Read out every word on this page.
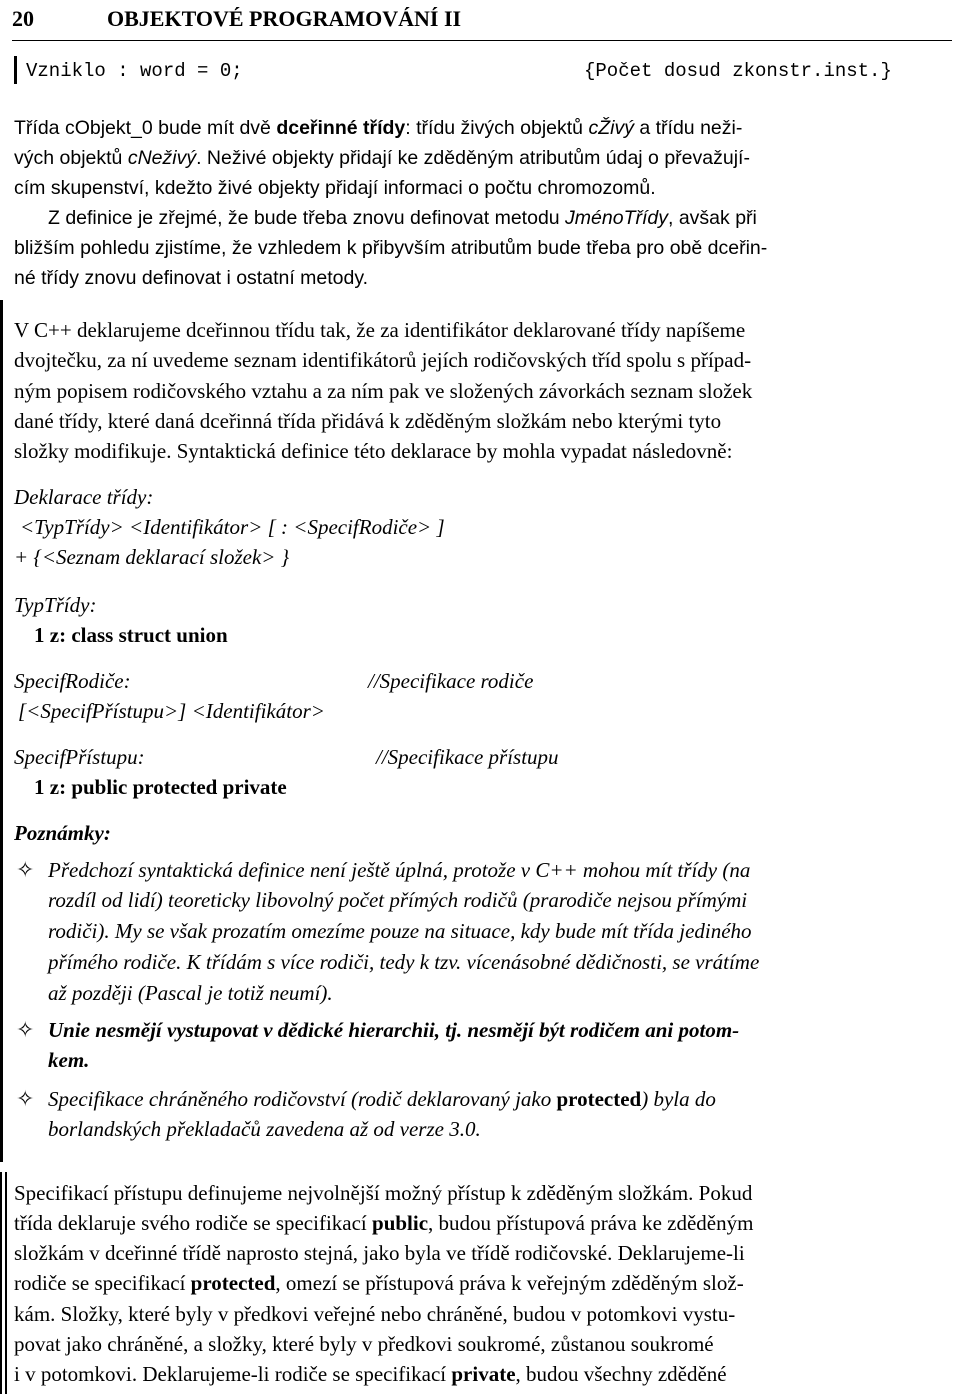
20	OBJEKTOVÉ PROGRAMOVÁNÍ II
Vzniklo : word = 0;	{Počet dosud zkonstr.inst.}
Třída cObjekt_0 bude mít dvě dceřinné třídy: třídu živých objektů cŽivý a třídu neži-
vých objektů cNeživý. Neživé objekty přidají ke zděděným atributům údaj o převažují-
cím skupenství, kdežto živé objekty přidají informaci o počtu chromozomů.
Z definice je zřejmé, že bude třeba znovu definovat metodu JménoTřídy, avšak při
bližším pohledu zjistíme, že vzhledem k přibyvším atributům bude třeba pro obě dceřin-
né třídy znovu definovat i ostatní metody.
V C++ deklarujeme dceřinnou třídu tak, že za identifikátor deklarované třídy napíšeme
dvojtečku, za ní uvedeme seznam identifikátorů jejích rodičovských tříd spolu s případ-
ným popisem rodičovského vztahu a za ním pak ve složených závorkách seznam složek
dané třídy, které daná dceřinná třída přidává k zděděným složkám nebo kterými tyto
složky modifikuje. Syntaktická definice této deklarace by mohla vypadat následovně:
Deklarace třídy:
<TypTřídy> <Identifikátor> [ : <SpecifRodiče> ]
+ {<Seznam deklarací složek> }
TypTřídy:
1 z: class struct union
SpecifRodiče:	//Specifikace rodiče
[<SpecifPřístupu>] <Identifikátor>
SpecifPřístupu:	//Specifikace přístupu
1 z: public protected private
Poznámky:
✧ Předchozí syntaktická definice není ještě úplná, protože v C++ mohou mít třídy (na
rozdíl od lidí) teoreticky libovolný počet přímých rodičů (prarodiče nejsou přímými
rodiči). My se však prozatím omezíme pouze na situace, kdy bude mít třída jediného
přímého rodiče. K třídám s více rodiči, tedy k tzv. vícenásobné dědičnosti, se vrátíme
až později (Pascal je totiž neumí).
✧ Unie nesmějí vystupovat v dědické hierarchii, tj. nesmějí být rodičem ani potom-
kem.
✧ Specifikace chráněného rodičovství (rodič deklarovaný jako protected) byla do
borlandských překladačů zavedena až od verze 3.0.
Specifikací přístupu definujeme nejvolnější možný přístup k zděděným složkám. Pokud
třída deklaruje svého rodiče se specifikací public, budou přístupová práva ke zděděným
složkám v dceřinné třídě naprosto stejná, jako byla ve třídě rodičovské. Deklarujeme-li
rodiče se specifikací protected, omezí se přístupová práva k veřejným zděděným slož-
kám. Složky, které byly v předkovi veřejné nebo chráněné, budou v potomkovi vystu-
povat jako chráněné, a složky, které byly v předkovi soukromé, zůstanou soukromé
i v potomkovi. Deklarujeme-li rodiče se specifikací private, budou všechny zděděné
